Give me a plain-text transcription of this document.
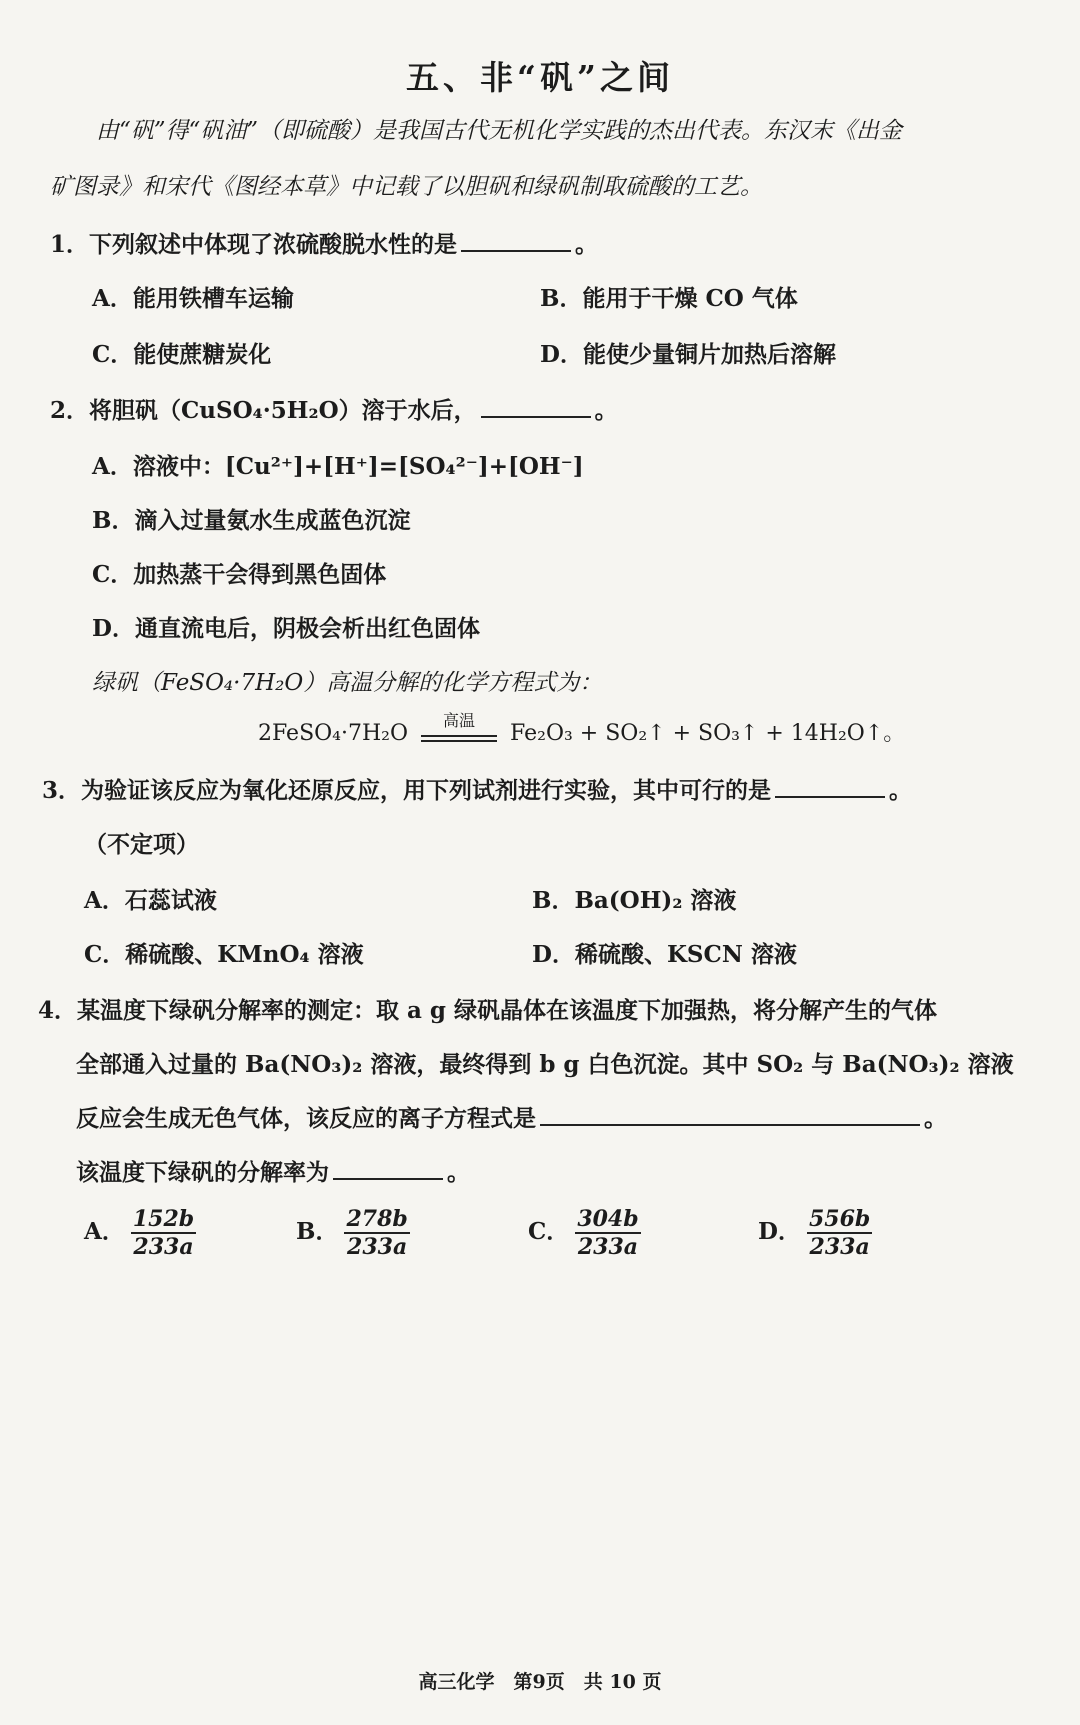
五、非“矾”之间
由“矾”得“矾油”（即硫酸）是我国古代无机化学实践的杰出代表。东汉末《出金
矿图录》和宋代《图经本草》中记载了以胆矾和绿矾制取硫酸的工艺。
1．下列叙述中体现了浓硫酸脱水性的是	。
A．能用铁槽车运输	B．能用于干燥 CO 气体
C．能使蔗糖炭化	D．能使少量铜片加热后溶解
2．将胆矾（CuSO₄·5H₂O）溶于水后，	。
A．溶液中：[Cu²⁺]+[H⁺]=[SO₄²⁻]+[OH⁻]
B．滴入过量氨水生成蓝色沉淀
C．加热蒸干会得到黑色固体
D．通直流电后，阴极会析出红色固体
绿矾（FeSO₄·7H₂O）高温分解的化学方程式为：
2FeSO₄·7H₂O
高温
Fe₂O₃ + SO₂↑ + SO₃↑ + 14H₂O↑。
3．为验证该反应为氧化还原反应，用下列试剂进行实验，其中可行的是	。
（不定项）
A．石蕊试液	B．Ba(OH)₂ 溶液
C．稀硫酸、KMnO₄ 溶液	D．稀硫酸、KSCN 溶液
4．某温度下绿矾分解率的测定：取 a g 绿矾晶体在该温度下加强热，将分解产生的气体
全部通入过量的 Ba(NO₃)₂ 溶液，最终得到 b g 白色沉淀。其中 SO₂ 与 Ba(NO₃)₂ 溶液
反应会生成无色气体，该反应的离子方程式是	。
该温度下绿矾的分解率为	。
A． $\frac{152b}{233a}$	B． $\frac{278b}{233a}$	C． $\frac{304b}{233a}$	D． $\frac{556b}{233a}$
高三化学　第9页　共 10 页
